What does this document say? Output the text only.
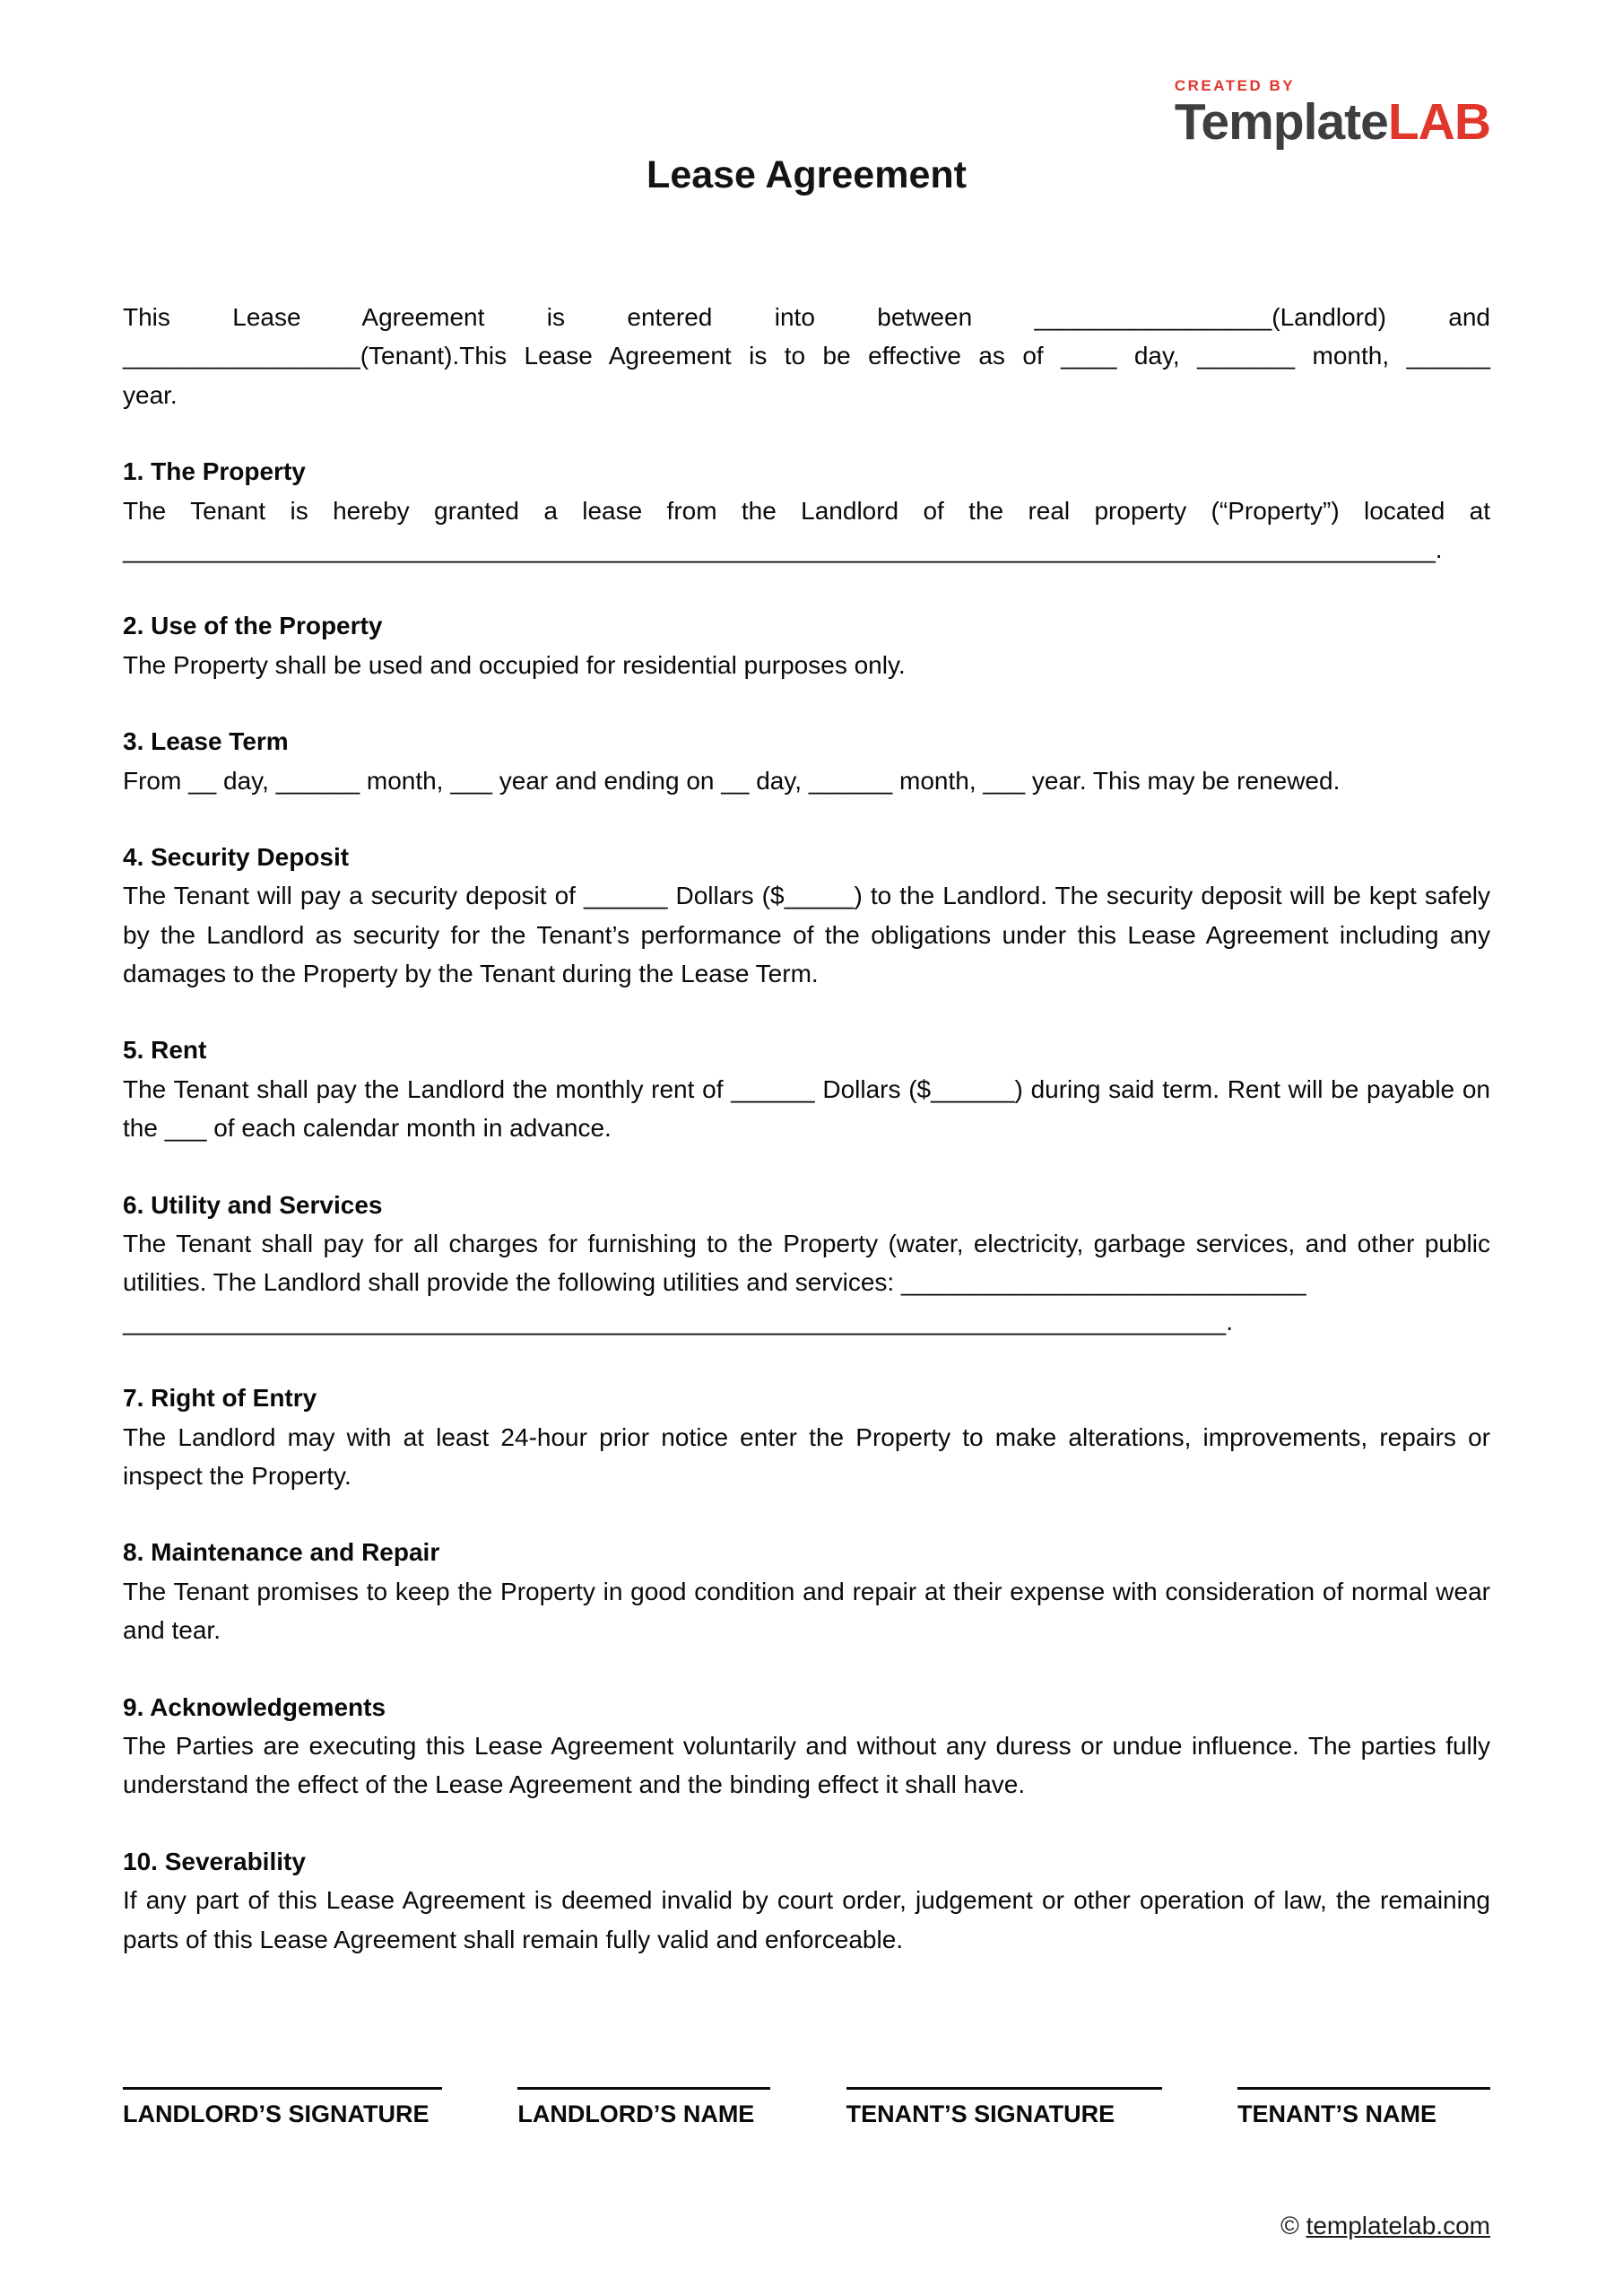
CREATED BY
TemplateLAB
Lease Agreement
This Lease Agreement is entered into between _________________(Landlord) and
_________________(Tenant).This Lease Agreement is to be effective as of ____ day, _______ month, ______
year.
1. The Property

The Tenant is hereby granted a lease from the Landlord of the real property (“Property”) located at ______________________________________________________________________________________________.

2. Use of the Property

The Property shall be used and occupied for residential purposes only.

3. Lease Term

From __ day, ______ month, ___ year and ending on __ day, ______ month, ___ year. This may be renewed.

4. Security Deposit

The Tenant will pay a security deposit of ______ Dollars ($_____) to the Landlord. The security deposit will be kept safely by the Landlord as security for the Tenant’s performance of the obligations under this Lease Agreement including any damages to the Property by the Tenant during the Lease Term.

5. Rent

The Tenant shall pay the Landlord the monthly rent of ______ Dollars ($______) during said term. Rent will be payable on the ___ of each calendar month in advance.

6. Utility and Services

The Tenant shall pay for all charges for furnishing to the Property (water, electricity, garbage services, and other public utilities. The Landlord shall provide the following utilities and services: _____________________________

_______________________________________________________________________________.

7. Right of Entry

The Landlord may with at least 24-hour prior notice enter the Property to make alterations, improvements, repairs or inspect the Property.

8. Maintenance and Repair

The Tenant promises to keep the Property in good condition and repair at their expense with consideration of normal wear and tear.

9. Acknowledgements

The Parties are executing this Lease Agreement voluntarily and without any duress or undue influence. The parties fully understand the effect of the Lease Agreement and the binding effect it shall have.

10. Severability

If any part of this Lease Agreement is deemed invalid by court order, judgement or other operation of law, the remaining parts of this Lease Agreement shall remain fully valid and enforceable.

LANDLORD’S SIGNATURE	LANDLORD’S NAME	TENANT’S SIGNATURE	TENANT’S NAME
© templatelab.com
